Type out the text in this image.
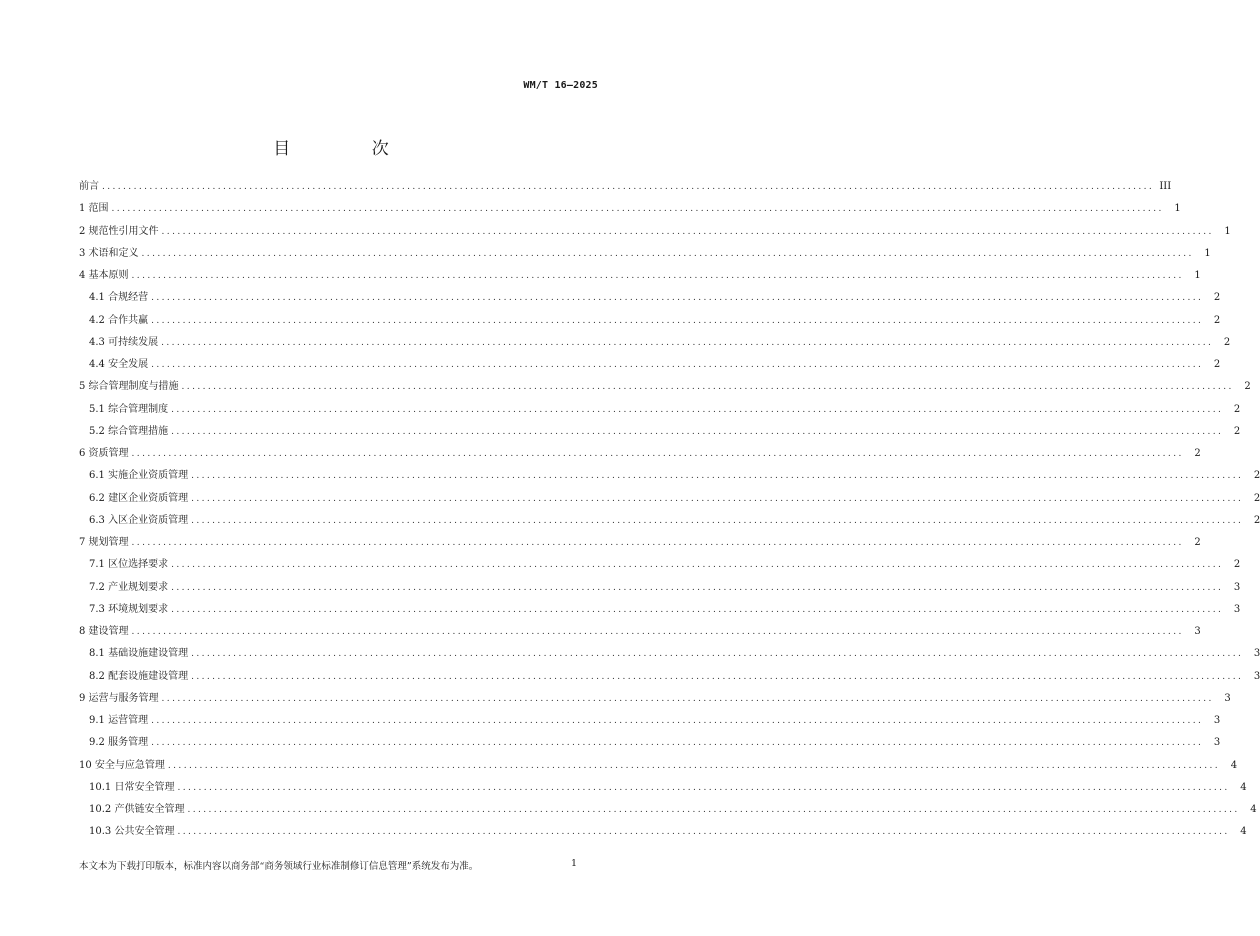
WM/T 16—2025
目 次
前言 ........................................................................................................................................................................................................ III
1 范围 ........................................................................................................................................................................................................	1
2 规范性引用文件 ........................................................................................................................................................................................................	1
3 术语和定义 ........................................................................................................................................................................................................	1
4 基本原则 ........................................................................................................................................................................................................	1
4.1 合规经营 ........................................................................................................................................................................................................	2
4.2 合作共赢 ........................................................................................................................................................................................................	2
4.3 可持续发展 ........................................................................................................................................................................................................	2
4.4 安全发展 ........................................................................................................................................................................................................	2
5 综合管理制度与措施 ........................................................................................................................................................................................................	2
5.1 综合管理制度 ........................................................................................................................................................................................................	2
5.2 综合管理措施 ........................................................................................................................................................................................................	2
6 资质管理 ........................................................................................................................................................................................................	2
6.1 实施企业资质管理 ........................................................................................................................................................................................................	2
6.2 建区企业资质管理 ........................................................................................................................................................................................................	2
6.3 入区企业资质管理 ........................................................................................................................................................................................................	2
7 规划管理 ........................................................................................................................................................................................................	2
7.1 区位选择要求 ........................................................................................................................................................................................................	2
7.2 产业规划要求 ........................................................................................................................................................................................................	3
7.3 环境规划要求 ........................................................................................................................................................................................................	3
8 建设管理 ........................................................................................................................................................................................................	3
8.1 基础设施建设管理 ........................................................................................................................................................................................................	3
8.2 配套设施建设管理 ........................................................................................................................................................................................................	3
9 运营与服务管理 ........................................................................................................................................................................................................	3
9.1 运营管理 ........................................................................................................................................................................................................	3
9.2 服务管理 ........................................................................................................................................................................................................	3
10 安全与应急管理 ........................................................................................................................................................................................................	4
10.1 日常安全管理 ........................................................................................................................................................................................................	4
10.2 产供链安全管理 ........................................................................................................................................................................................................	4
10.3 公共安全管理 ........................................................................................................................................................................................................	4
本文本为下载打印版本，标准内容以商务部“商务领域行业标准制修订信息管理”系统发布为准。	1
